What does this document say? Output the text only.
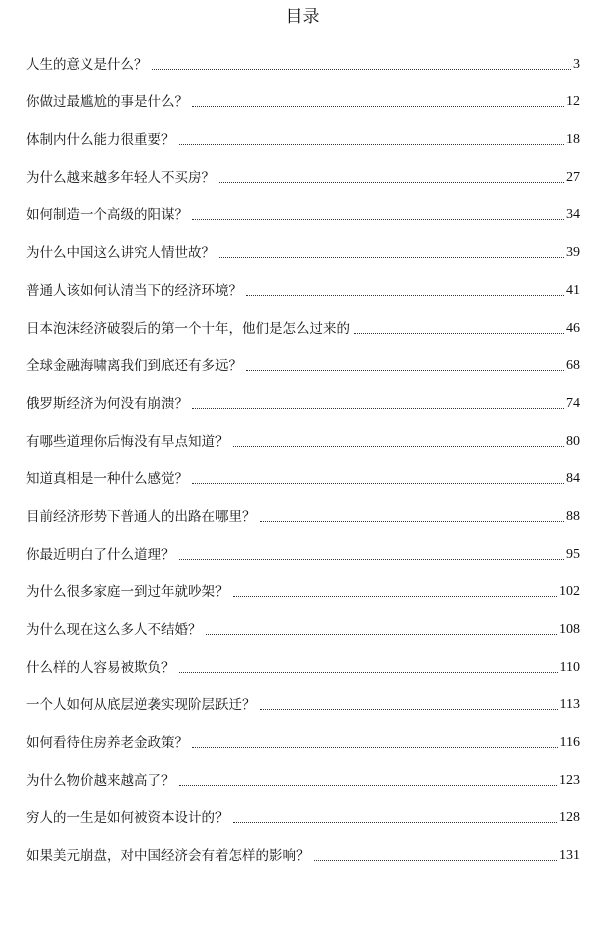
目录
人生的意义是什么？	3
你做过最尴尬的事是什么？	12
体制内什么能力很重要？	18
为什么越来越多年轻人不买房？	27
如何制造一个高级的阳谋？	34
为什么中国这么讲究人情世故？	39
普通人该如何认清当下的经济环境？	41
日本泡沫经济破裂后的第一个十年，他们是怎么过来的	46
全球金融海啸离我们到底还有多远？	68
俄罗斯经济为何没有崩溃？	74
有哪些道理你后悔没有早点知道？	80
知道真相是一种什么感觉？	84
目前经济形势下普通人的出路在哪里？	88
你最近明白了什么道理？	95
为什么很多家庭一到过年就吵架？	102
为什么现在这么多人不结婚？	108
什么样的人容易被欺负？	110
一个人如何从底层逆袭实现阶层跃迁？	113
如何看待住房养老金政策？	116
为什么物价越来越高了？	123
穷人的一生是如何被资本设计的？	128
如果美元崩盘，对中国经济会有着怎样的影响？	131
